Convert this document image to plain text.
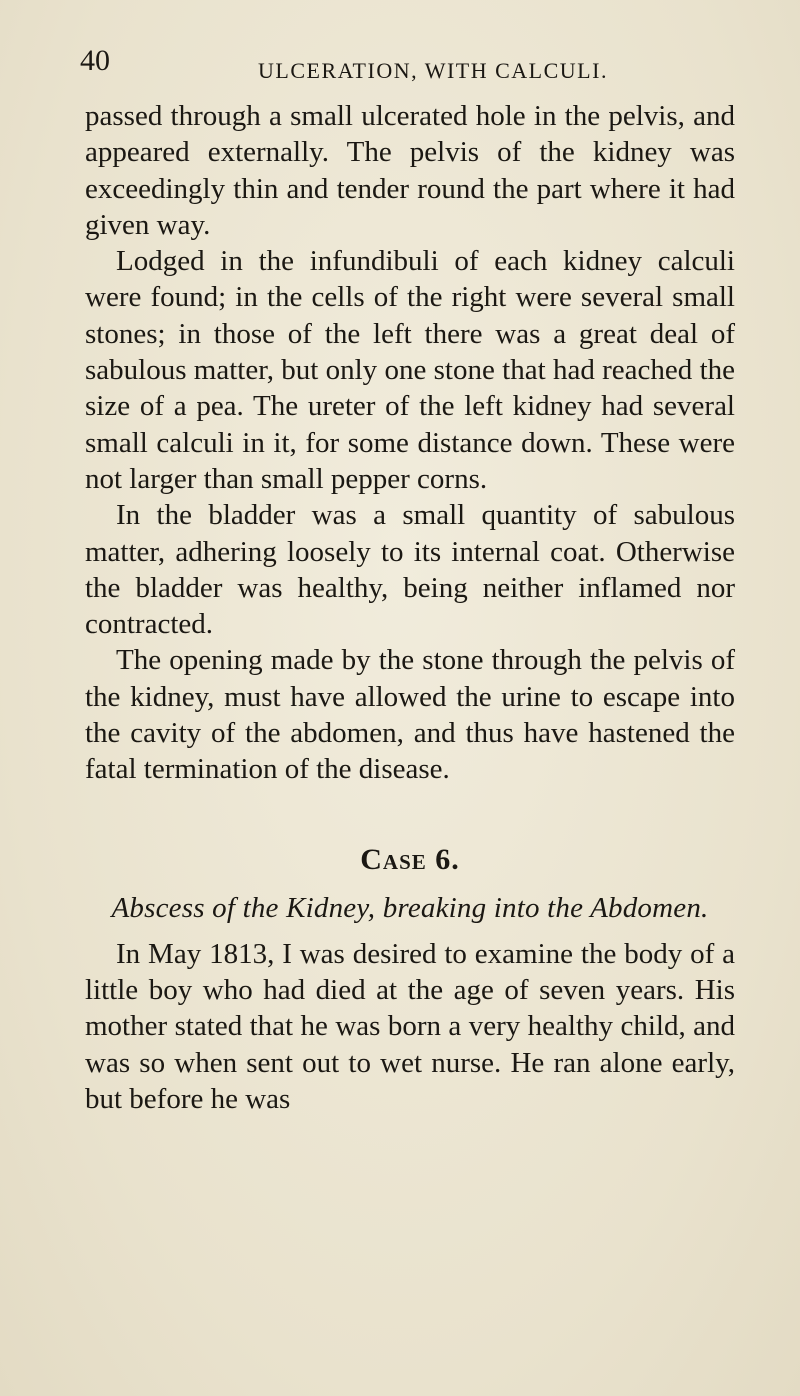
40	ULCERATION, WITH CALCULI.

passed through a small ulcerated hole in the pelvis, and appeared externally. The pelvis of the kidney was exceedingly thin and tender round the part where it had given way.

Lodged in the infundibuli of each kidney calculi were found; in the cells of the right were several small stones; in those of the left there was a great deal of sabulous matter, but only one stone that had reached the size of a pea. The ureter of the left kidney had several small calculi in it, for some distance down. These were not larger than small pepper corns.

In the bladder was a small quantity of sabulous matter, adhering loosely to its internal coat. Otherwise the bladder was healthy, being neither inflamed nor contracted.

The opening made by the stone through the pelvis of the kidney, must have allowed the urine to escape into the cavity of the abdomen, and thus have hastened the fatal termination of the disease.

Case 6.

Abscess of the Kidney, breaking into the Abdomen.

In May 1813, I was desired to examine the body of a little boy who had died at the age of seven years. His mother stated that he was born a very healthy child, and was so when sent out to wet nurse. He ran alone early, but before he was
